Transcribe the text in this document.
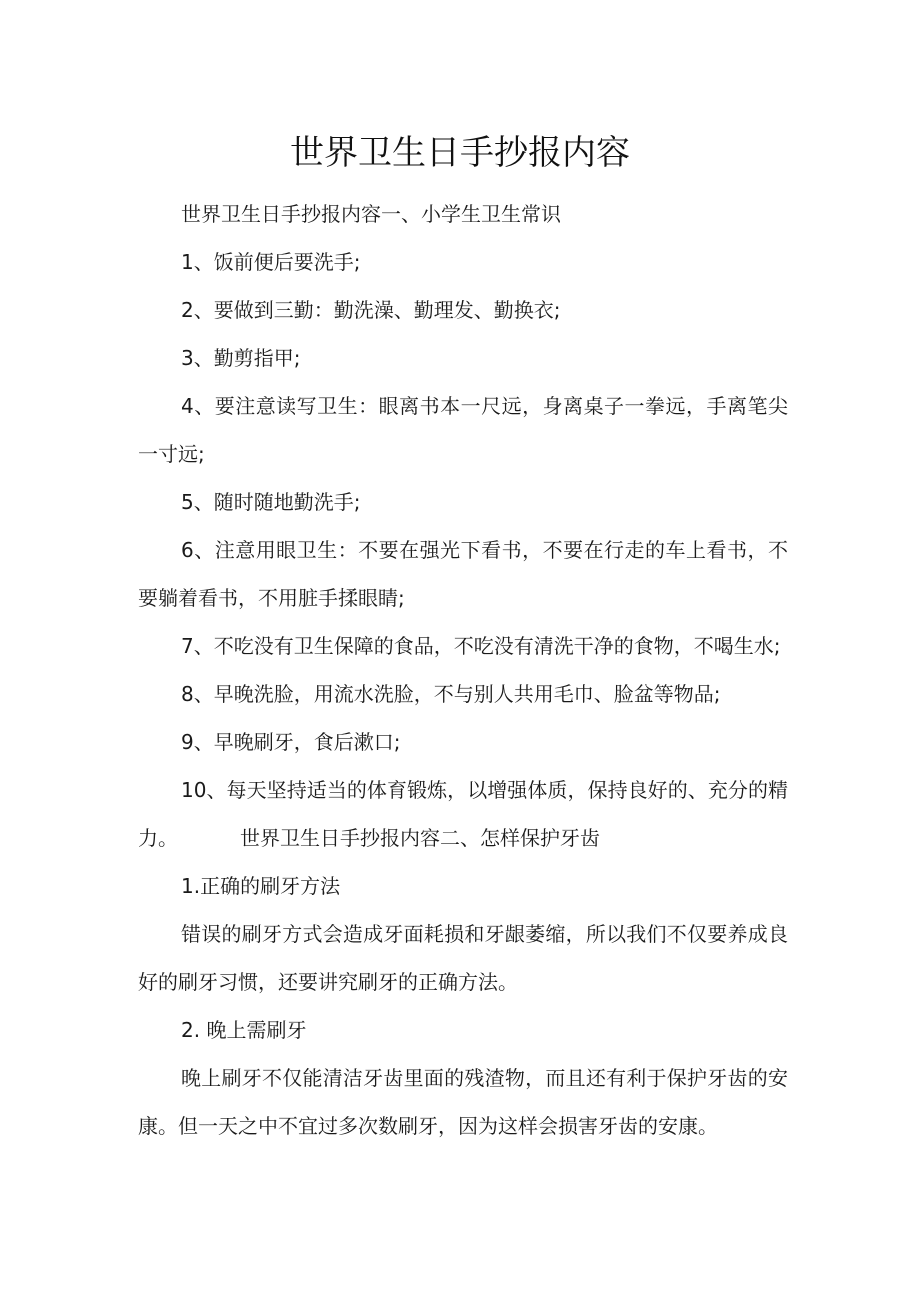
世界卫生日手抄报内容

世界卫生日手抄报内容一、小学生卫生常识

1、饭前便后要洗手;

2、要做到三勤：勤洗澡、勤理发、勤换衣;

3、勤剪指甲;

4、要注意读写卫生：眼离书本一尺远，身离桌子一拳远，手离笔尖一寸远;

5、随时随地勤洗手;

6、注意用眼卫生：不要在强光下看书，不要在行走的车上看书，不要躺着看书，不用脏手揉眼睛;

7、不吃没有卫生保障的食品，不吃没有清洗干净的食物，不喝生水;

8、早晚洗脸，用流水洗脸，不与别人共用毛巾、脸盆等物品;

9、早晚刷牙，食后漱口;

10、每天坚持适当的体育锻炼，以增强体质，保持良好的、充分的精力。	世界卫生日手抄报内容二、怎样保护牙齿

1.正确的刷牙方法

错误的刷牙方式会造成牙面耗损和牙龈萎缩，所以我们不仅要养成良好的刷牙习惯，还要讲究刷牙的正确方法。

2. 晚上需刷牙

晚上刷牙不仅能清洁牙齿里面的残渣物，而且还有利于保护牙齿的安康。但一天之中不宜过多次数刷牙，因为这样会损害牙齿的安康。
